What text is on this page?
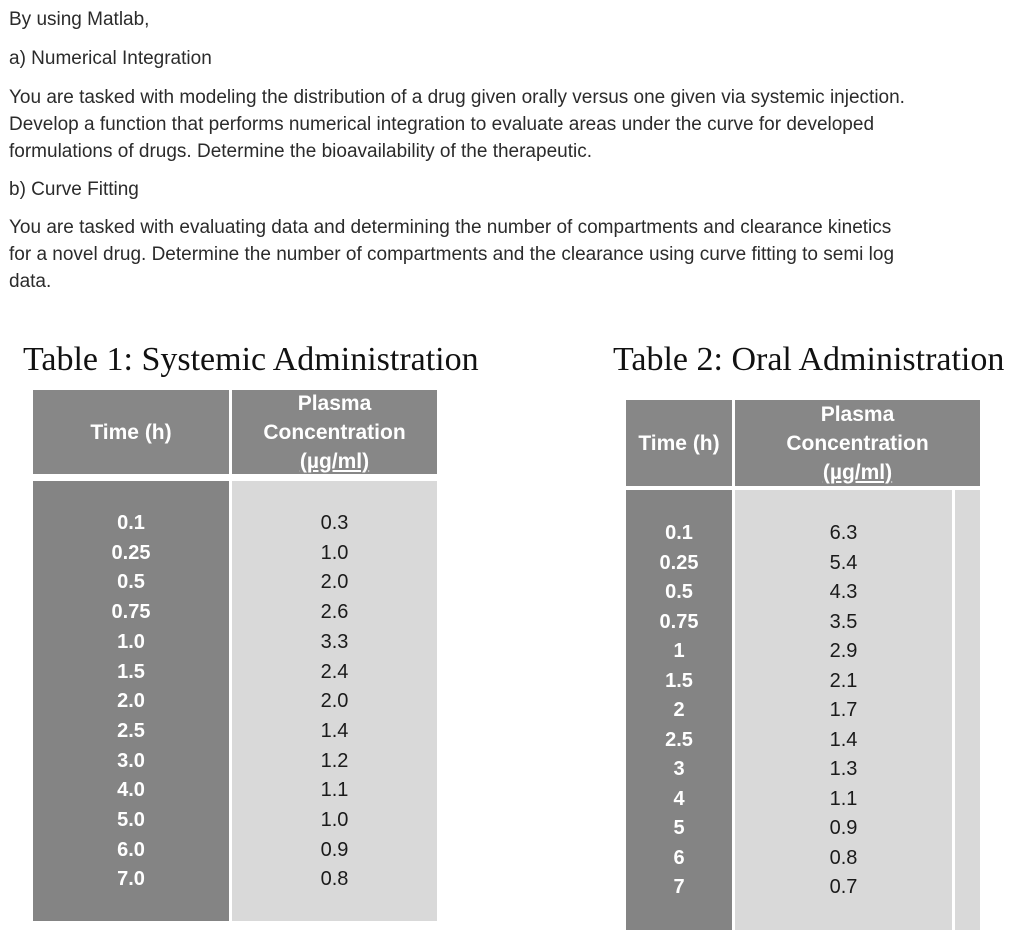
By using Matlab,
a) Numerical Integration
You are tasked with modeling the distribution of a drug given orally versus one given via systemic injection.
Develop a function that performs numerical integration to evaluate areas under the curve for developed
formulations of drugs. Determine the bioavailability of the therapeutic.
b) Curve Fitting
You are tasked with evaluating data and determining the number of compartments and clearance kinetics
for a novel drug. Determine the number of compartments and the clearance using curve fitting to semi log
data.
Table 1: Systemic Administration
Time (h)
Plasma
Concentration
(µg/ml)
0.1
0.25
0.5
0.75
1.0
1.5
2.0
2.5
3.0
4.0
5.0
6.0
7.0
0.3
1.0
2.0
2.6
3.3
2.4
2.0
1.4
1.2
1.1
1.0
0.9
0.8
Table 2: Oral Administration
Time (h)
Plasma
Concentration
(µg/ml)
0.1
0.25
0.5
0.75
1
1.5
2
2.5
3
4
5
6
7
6.3
5.4
4.3
3.5
2.9
2.1
1.7
1.4
1.3
1.1
0.9
0.8
0.7
